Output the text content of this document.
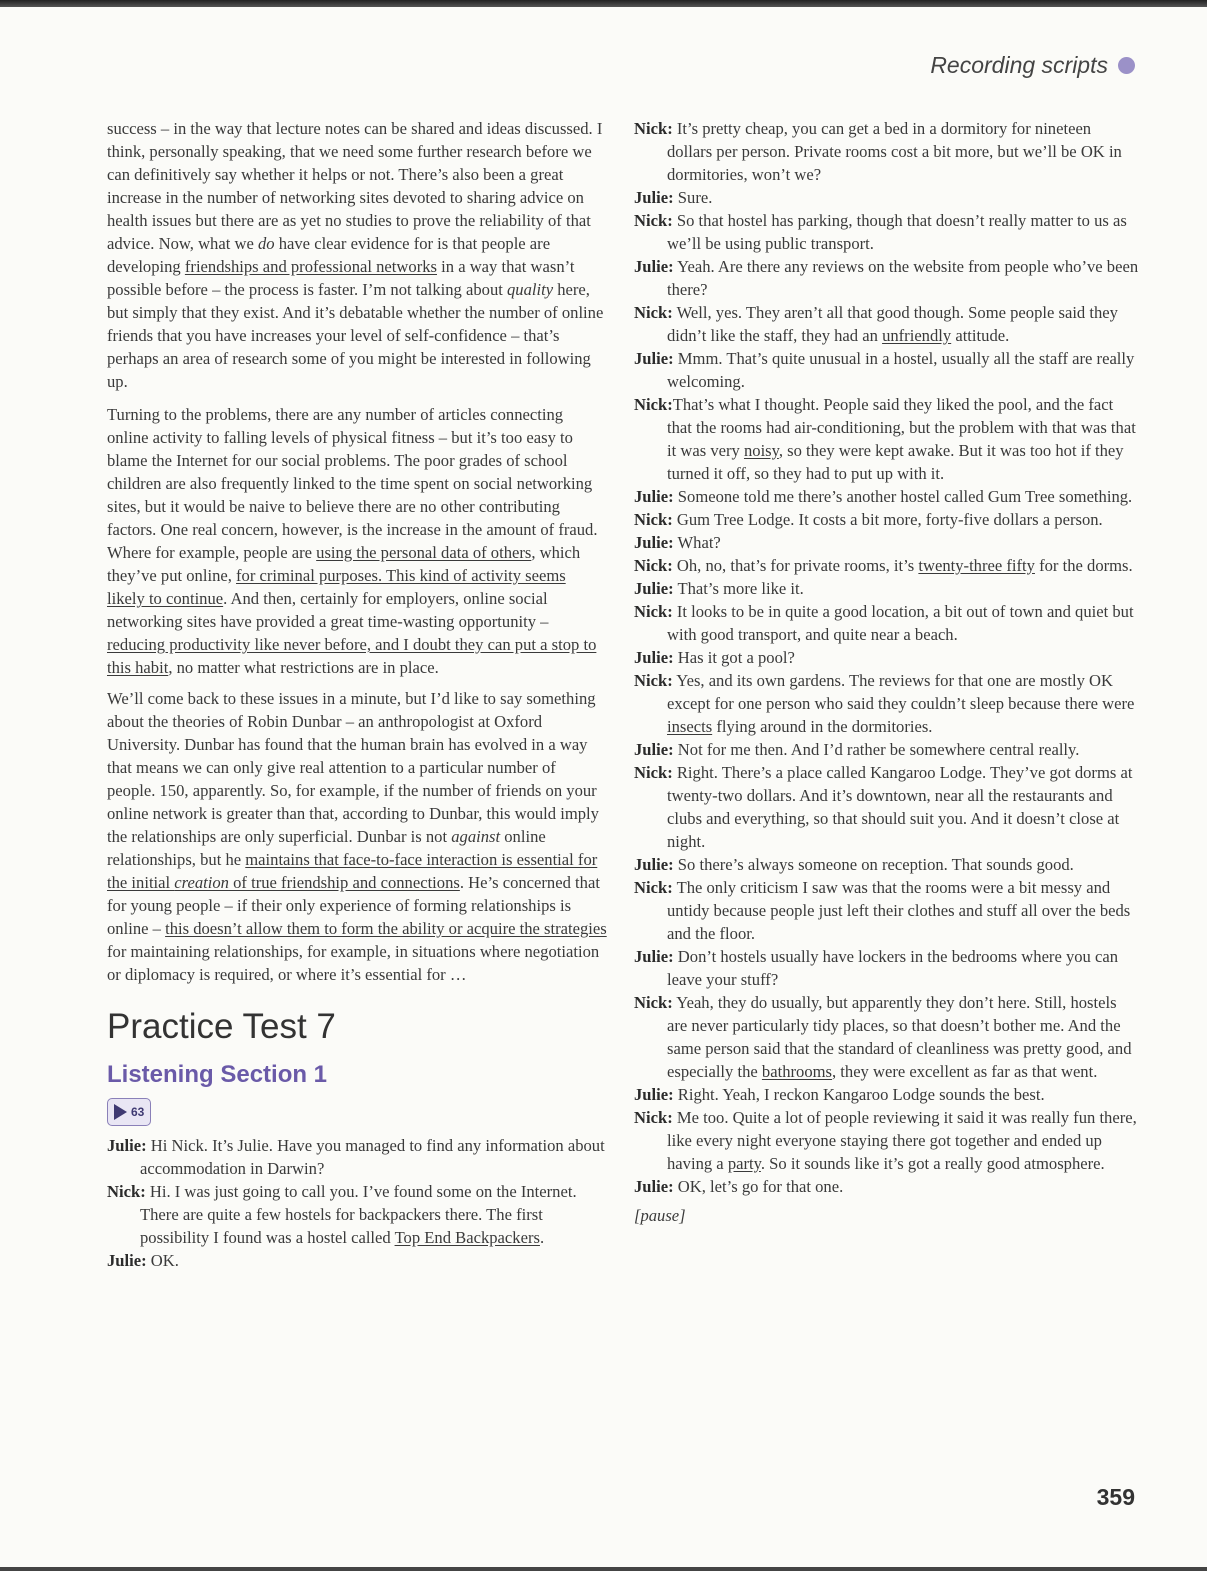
Recording scripts

success – in the way that lecture notes can be shared and ideas discussed. I think, personally speaking, that we need some further research before we can definitively say whether it helps or not. There’s also been a great increase in the number of networking sites devoted to sharing advice on health issues but there are as yet no studies to prove the reliability of that advice. Now, what we do have clear evidence for is that people are developing friendships and professional networks in a way that wasn’t possible before – the process is faster. I’m not talking about quality here, but simply that they exist. And it’s debatable whether the number of online friends that you have increases your level of self-confidence – that’s perhaps an area of research some of you might be interested in following up.

Turning to the problems, there are any number of articles connecting online activity to falling levels of physical fitness – but it’s too easy to blame the Internet for our social problems. The poor grades of school children are also frequently linked to the time spent on social networking sites, but it would be naive to believe there are no other contributing factors. One real concern, however, is the increase in the amount of fraud. Where for example, people are using the personal data of others, which they’ve put online, for criminal purposes. This kind of activity seems likely to continue. And then, certainly for employers, online social networking sites have provided a great time-wasting opportunity – reducing productivity like never before, and I doubt they can put a stop to this habit, no matter what restrictions are in place.

We’ll come back to these issues in a minute, but I’d like to say something about the theories of Robin Dunbar – an anthropologist at Oxford University. Dunbar has found that the human brain has evolved in a way that means we can only give real attention to a particular number of people. 150, apparently. So, for example, if the number of friends on your online network is greater than that, according to Dunbar, this would imply the relationships are only superficial. Dunbar is not against online relationships, but he maintains that face-to-face interaction is essential for the initial creation of true friendship and connections. He’s concerned that for young people – if their only experience of forming relationships is online – this doesn’t allow them to form the ability or acquire the strategies for maintaining relationships, for example, in situations where negotiation or diplomacy is required, or where it’s essential for …

Practice Test 7
Listening Section 1
63

Julie: Hi Nick. It’s Julie. Have you managed to find any information about accommodation in Darwin?

Nick: Hi. I was just going to call you. I’ve found some on the Internet. There are quite a few hostels for backpackers there. The first possibility I found was a hostel called Top End Backpackers.

Julie: OK.

Nick: It’s pretty cheap, you can get a bed in a dormitory for nineteen dollars per person. Private rooms cost a bit more, but we’ll be OK in dormitories, won’t we?

Julie: Sure.

Nick: So that hostel has parking, though that doesn’t really matter to us as we’ll be using public transport.

Julie: Yeah. Are there any reviews on the website from people who’ve been there?

Nick: Well, yes. They aren’t all that good though. Some people said they didn’t like the staff, they had an unfriendly attitude.

Julie: Mmm. That’s quite unusual in a hostel, usually all the staff are really welcoming.

Nick:That’s what I thought. People said they liked the pool, and the fact that the rooms had air-conditioning, but the problem with that was that it was very noisy, so they were kept awake. But it was too hot if they turned it off, so they had to put up with it.

Julie: Someone told me there’s another hostel called Gum Tree something.

Nick: Gum Tree Lodge. It costs a bit more, forty-five dollars a person.

Julie: What?

Nick: Oh, no, that’s for private rooms, it’s twenty-three fifty for the dorms.

Julie: That’s more like it.

Nick: It looks to be in quite a good location, a bit out of town and quiet but with good transport, and quite near a beach.

Julie: Has it got a pool?

Nick: Yes, and its own gardens. The reviews for that one are mostly OK except for one person who said they couldn’t sleep because there were insects flying around in the dormitories.

Julie: Not for me then. And I’d rather be somewhere central really.

Nick: Right. There’s a place called Kangaroo Lodge. They’ve got dorms at twenty-two dollars. And it’s downtown, near all the restaurants and clubs and everything, so that should suit you. And it doesn’t close at night.

Julie: So there’s always someone on reception. That sounds good.

Nick: The only criticism I saw was that the rooms were a bit messy and untidy because people just left their clothes and stuff all over the beds and the floor.

Julie: Don’t hostels usually have lockers in the bedrooms where you can leave your stuff?

Nick: Yeah, they do usually, but apparently they don’t here. Still, hostels are never particularly tidy places, so that doesn’t bother me. And the same person said that the standard of cleanliness was pretty good, and especially the bathrooms, they were excellent as far as that went.

Julie: Right. Yeah, I reckon Kangaroo Lodge sounds the best.

Nick: Me too. Quite a lot of people reviewing it said it was really fun there, like every night everyone staying there got together and ended up having a party. So it sounds like it’s got a really good atmosphere.

Julie: OK, let’s go for that one.

[pause]

359
